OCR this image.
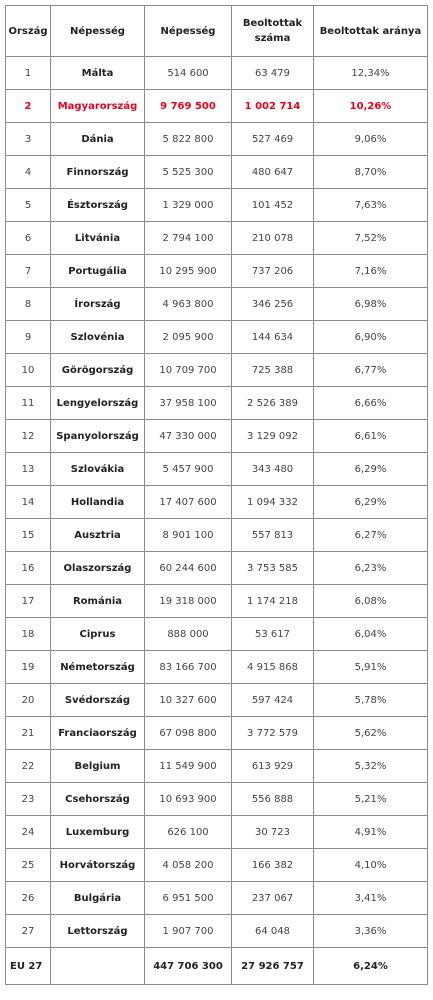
Ország	Népesség	Népesség	Beoltottak száma	Beoltottak aránya
1	Málta	514 600	63 479	12,34%
2	Magyarország	9 769 500	1 002 714	10,26%
3	Dánia	5 822 800	527 469	9,06%
4	Finnország	5 525 300	480 647	8,70%
5	Észtország	1 329 000	101 452	7,63%
6	Litvánia	2 794 100	210 078	7,52%
7	Portugália	10 295 900	737 206	7,16%
8	Írország	4 963 800	346 256	6,98%
9	Szlovénia	2 095 900	144 634	6,90%
10	Görögország	10 709 700	725 388	6,77%
11	Lengyelország	37 958 100	2 526 389	6,66%
12	Spanyolország	47 330 000	3 129 092	6,61%
13	Szlovákia	5 457 900	343 480	6,29%
14	Hollandia	17 407 600	1 094 332	6,29%
15	Ausztria	8 901 100	557 813	6,27%
16	Olaszország	60 244 600	3 753 585	6,23%
17	Románia	19 318 000	1 174 218	6,08%
18	Ciprus	888 000	53 617	6,04%
19	Németország	83 166 700	4 915 868	5,91%
20	Svédország	10 327 600	597 424	5,78%
21	Franciaország	67 098 800	3 772 579	5,62%
22	Belgium	11 549 900	613 929	5,32%
23	Csehország	10 693 900	556 888	5,21%
24	Luxemburg	626 100	30 723	4,91%
25	Horvátország	4 058 200	166 382	4,10%
26	Bulgária	6 951 500	237 067	3,41%
27	Lettország	1 907 700	64 048	3,36%
EU 27		447 706 300	27 926 757	6,24%
